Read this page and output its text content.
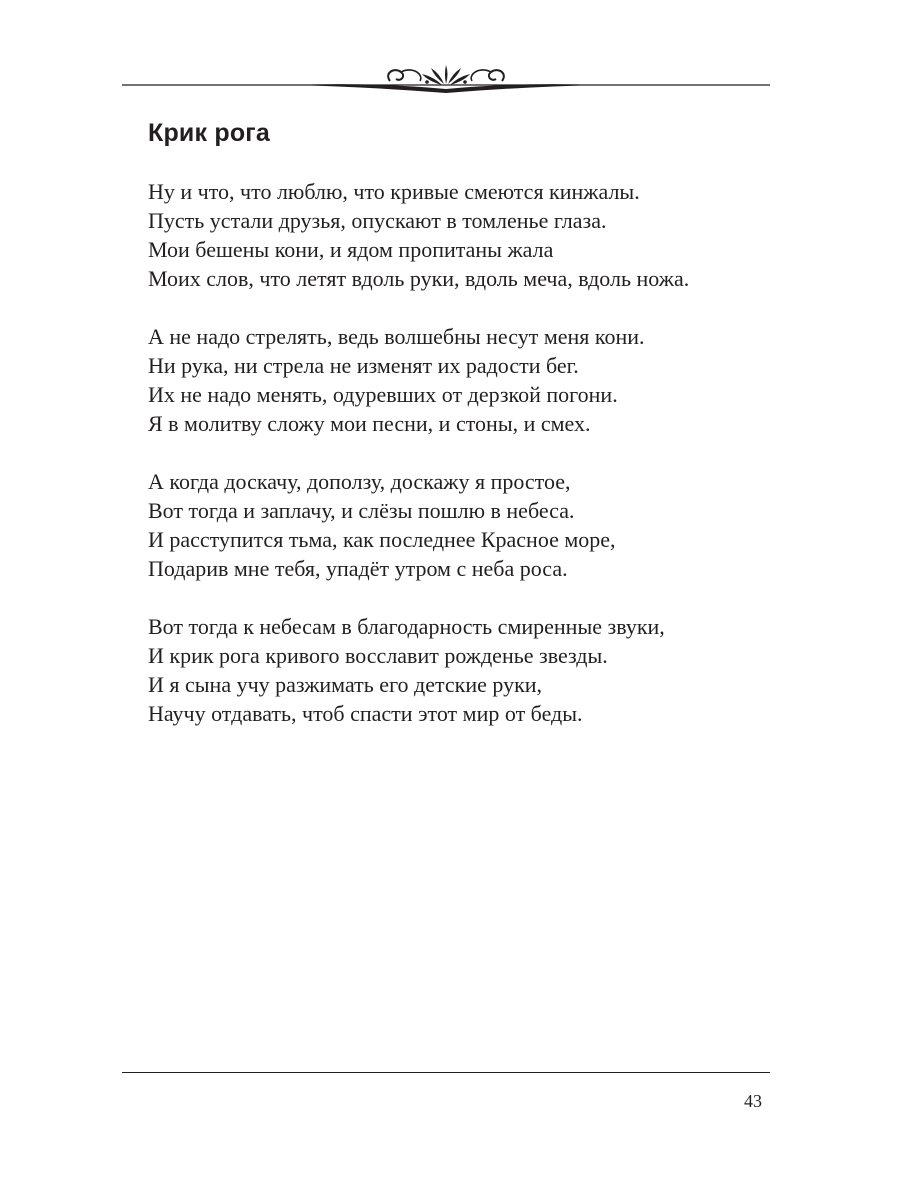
Крик рога
Ну и что, что люблю, что кривые смеются кинжалы.
Пусть устали друзья, опускают в томленье глаза.
Мои бешены кони, и ядом пропитаны жала
Моих слов, что летят вдоль руки, вдоль меча, вдоль ножа.
А не надо стрелять, ведь волшебны несут меня кони.
Ни рука, ни стрела не изменят их радости бег.
Их не надо менять, одуревших от дерзкой погони.
Я в молитву сложу мои песни, и стоны, и смех.
А когда доскачу, доползу, доскажу я простое,
Вот тогда и заплачу, и слёзы пошлю в небеса.
И расступится тьма, как последнее Красное море,
Подарив мне тебя, упадёт утром с неба роса.
Вот тогда к небесам в благодарность смиренные звуки,
И крик рога кривого восславит рожденье звезды.
И я сына учу разжимать его детские руки,
Научу отдавать, чтоб спасти этот мир от беды.
43
